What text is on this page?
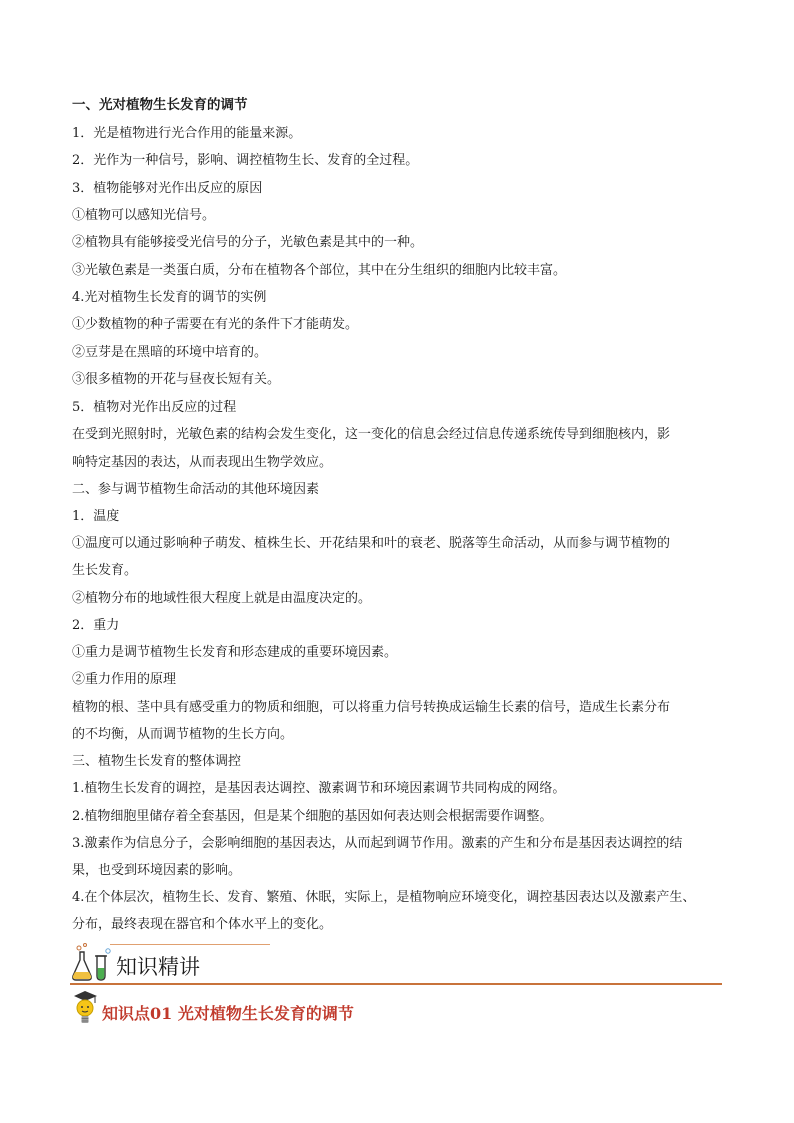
一、光对植物生长发育的调节
1．光是植物进行光合作用的能量来源。
2．光作为一种信号，影响、调控植物生长、发育的全过程。
3．植物能够对光作出反应的原因
①植物可以感知光信号。
②植物具有能够接受光信号的分子，光敏色素是其中的一种。
③光敏色素是一类蛋白质，分布在植物各个部位，其中在分生组织的细胞内比较丰富。
4.光对植物生长发育的调节的实例
①少数植物的种子需要在有光的条件下才能萌发。
②豆芽是在黑暗的环境中培育的。
③很多植物的开花与昼夜长短有关。
5．植物对光作出反应的过程
在受到光照射时，光敏色素的结构会发生变化，这一变化的信息会经过信息传递系统传导到细胞核内，影
响特定基因的表达，从而表现出生物学效应。
二、参与调节植物生命活动的其他环境因素
1．温度
①温度可以通过影响种子萌发、植株生长、开花结果和叶的衰老、脱落等生命活动，从而参与调节植物的
生长发育。
②植物分布的地域性很大程度上就是由温度决定的。
2．重力
①重力是调节植物生长发育和形态建成的重要环境因素。
②重力作用的原理
植物的根、茎中具有感受重力的物质和细胞，可以将重力信号转换成运输生长素的信号，造成生长素分布
的不均衡，从而调节植物的生长方向。
三、植物生长发育的整体调控
1.植物生长发育的调控，是基因表达调控、激素调节和环境因素调节共同构成的网络。
2.植物细胞里储存着全套基因，但是某个细胞的基因如何表达则会根据需要作调整。
3.激素作为信息分子，会影响细胞的基因表达，从而起到调节作用。激素的产生和分布是基因表达调控的结
果，也受到环境因素的影响。
4.在个体层次，植物生长、发育、繁殖、休眠，实际上，是植物响应环境变化，调控基因表达以及激素产生、
分布，最终表现在器官和个体水平上的变化。
知识精讲
知识点01 光对植物生长发育的调节
